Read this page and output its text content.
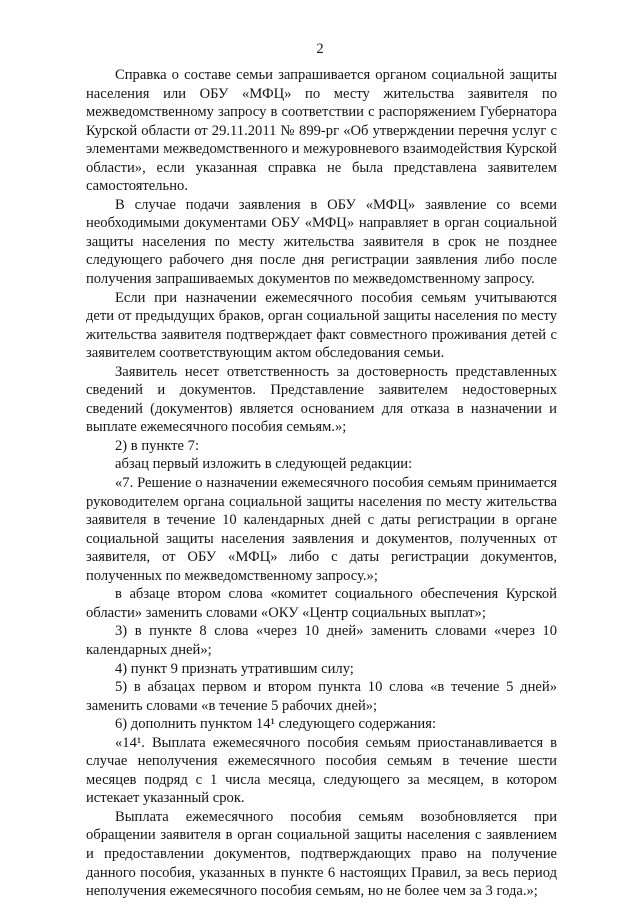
2

Справка о составе семьи запрашивается органом социальной защиты населения или ОБУ «МФЦ» по месту жительства заявителя по межведомственному запросу в соответствии с распоряжением Губернатора Курской области от 29.11.2011 № 899-рг «Об утверждении перечня услуг с элементами межведомственного и межуровневого взаимодействия Курской области», если указанная справка не была представлена заявителем самостоятельно.

В случае подачи заявления в ОБУ «МФЦ» заявление со всеми необходимыми документами ОБУ «МФЦ» направляет в орган социальной защиты населения по месту жительства заявителя в срок не позднее следующего рабочего дня после дня регистрации заявления либо после получения запрашиваемых документов по межведомственному запросу.

Если при назначении ежемесячного пособия семьям учитываются дети от предыдущих браков, орган социальной защиты населения по месту жительства заявителя подтверждает факт совместного проживания детей с заявителем соответствующим актом обследования семьи.

Заявитель несет ответственность за достоверность представленных сведений и документов. Представление заявителем недостоверных сведений (документов) является основанием для отказа в назначении и выплате ежемесячного пособия семьям.»;

2) в пункте 7:

абзац первый изложить в следующей редакции:

«7. Решение о назначении ежемесячного пособия семьям принимается руководителем органа социальной защиты населения по месту жительства заявителя в течение 10 календарных дней с даты регистрации в органе социальной защиты населения заявления и документов, полученных от заявителя, от ОБУ «МФЦ» либо с даты регистрации документов, полученных по межведомственному запросу.»;

в абзаце втором слова «комитет социального обеспечения Курской области» заменить словами «ОКУ «Центр социальных выплат»;

3) в пункте 8 слова «через 10 дней» заменить словами «через 10 календарных дней»;

4) пункт 9 признать утратившим силу;

5) в абзацах первом и втором пункта 10 слова «в течение 5 дней» заменить словами «в течение 5 рабочих дней»;

6) дополнить пунктом 14¹ следующего содержания:

«14¹. Выплата ежемесячного пособия семьям приостанавливается в случае неполучения ежемесячного пособия семьям в течение шести месяцев подряд с 1 числа месяца, следующего за месяцем, в котором истекает указанный срок.

Выплата ежемесячного пособия семьям возобновляется при обращении заявителя в орган социальной защиты населения с заявлением и предоставлении документов, подтверждающих право на получение данного пособия, указанных в пункте 6 настоящих Правил, за весь период неполучения ежемесячного пособия семьям, но не более чем за 3 года.»;
